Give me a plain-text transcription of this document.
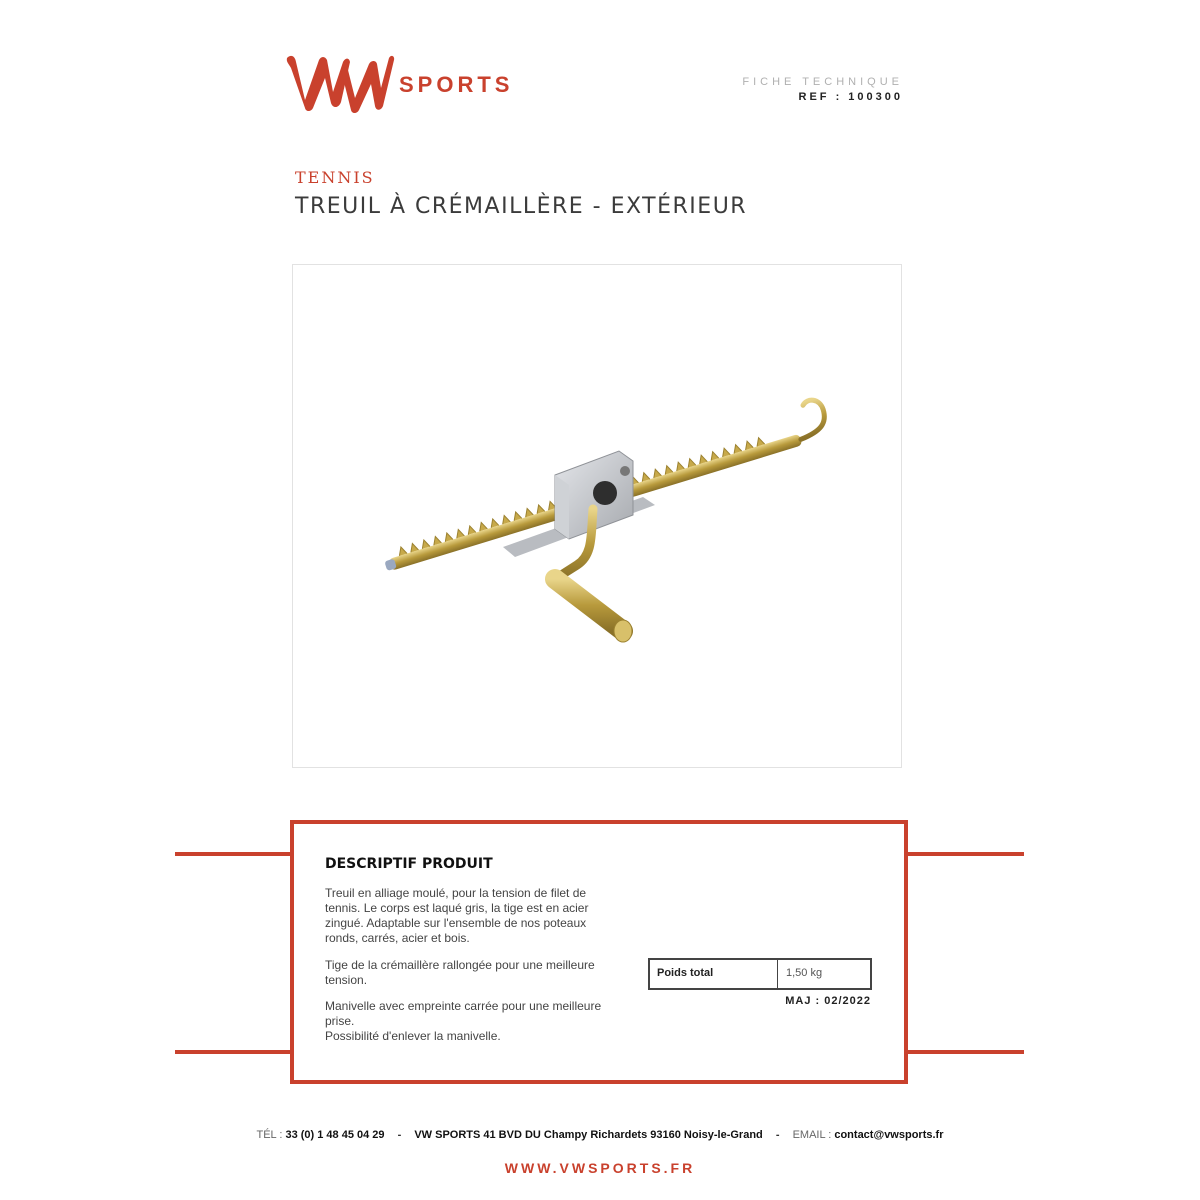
SPORTS	FICHE TECHNIQUE
REF : 100300
TENNIS
TREUIL À CRÉMAILLÈRE - EXTÉRIEUR
DESCRIPTIF PRODUIT
Treuil en alliage moulé, pour la tension de filet de tennis. Le corps est laqué gris, la tige est en acier zingué. Adaptable sur l'ensemble de nos poteaux ronds, carrés, acier et bois.
Tige de la crémaillère rallongée pour une meilleure tension.
Manivelle avec empreinte carrée pour une meilleure prise.
Possibilité d'enlever la manivelle.
Poids total	1,50 kg
MAJ : 02/2022
TÉL : 33 (0) 1 48 45 04 29 - VW SPORTS 41 BVD DU Champy Richardets 93160 Noisy-le-Grand - EMAIL : contact@vwsports.fr
WWW.VWSPORTS.FR
